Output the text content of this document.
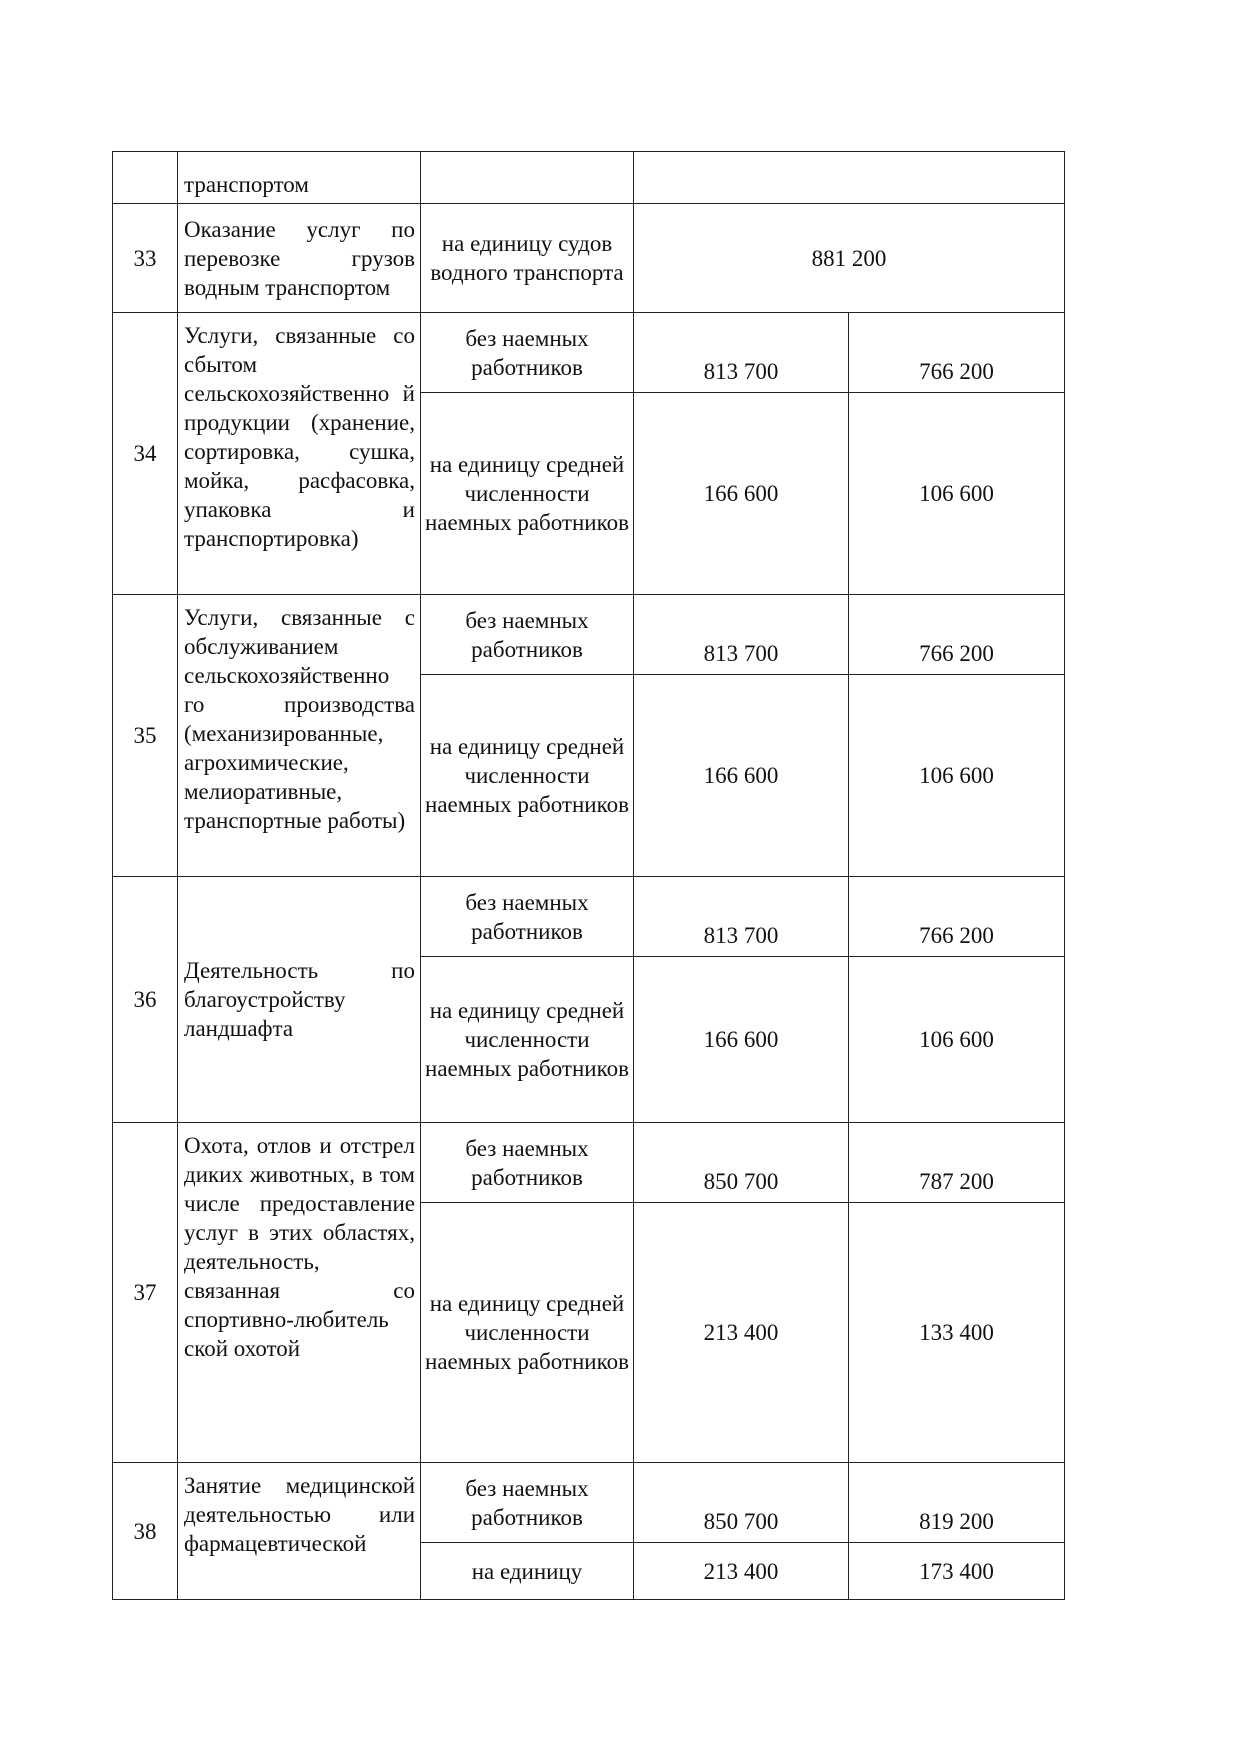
	транспортом			
33	Оказание услуг по перевозке грузов водным транспортом	на единицу судов водного транспорта	881 200	
34	Услуги, связанные со сбытом сельскохозяйственно й продукции (хранение, сортировка, сушка, мойка, расфасовка, упаковка и транспортировка)	без наемных работников	813 700	766 200
		на единицу средней численности наемных работников	166 600	106 600
35	Услуги, связанные с обслуживанием сельскохозяйственно го производства (механизированные, агрохимические, мелиоративные, транспортные работы)	без наемных работников	813 700	766 200
		на единицу средней численности наемных работников	166 600	106 600
36	Деятельность по благоустройству ландшафта	без наемных работников	813 700	766 200
		на единицу средней численности наемных работников	166 600	106 600
37	Охота, отлов и отстрел диких животных, в том числе предоставление услуг в этих областях, деятельность, связанная со спортивно-любитель ской охотой	без наемных работников	850 700	787 200
		на единицу средней численности наемных работников	213 400	133 400
38	Занятие медицинской деятельностью или фармацевтической	без наемных работников	850 700	819 200
		на единицу	213 400	173 400
